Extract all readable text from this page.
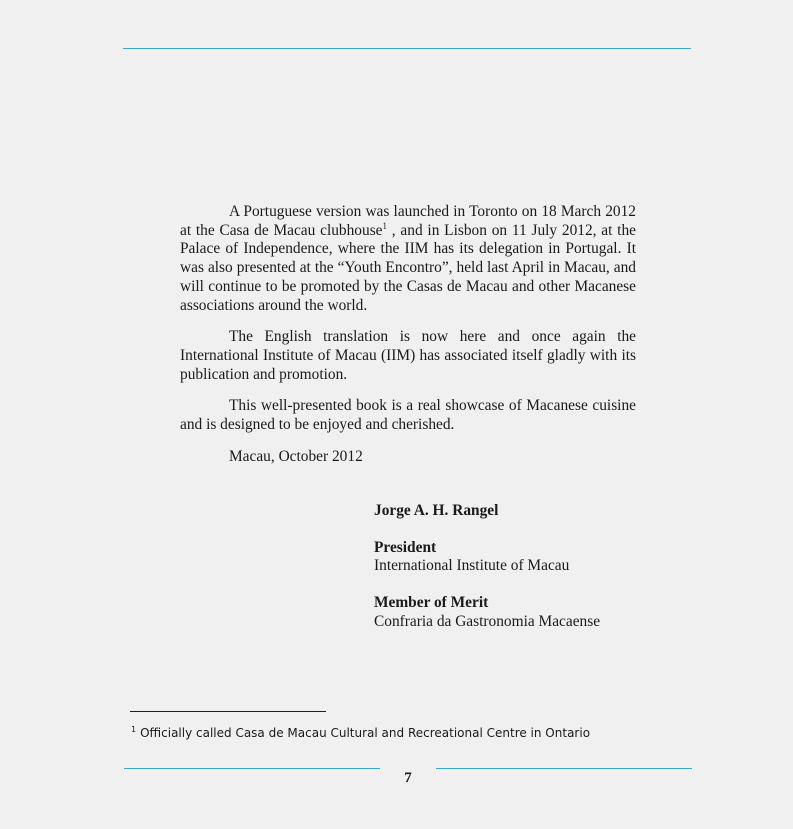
A Portuguese version was launched in Toronto on 18 March 2012 at the Casa de Macau clubhouse$^1$ , and in Lisbon on 11 July 2012, at the Palace of Independence, where the IIM has its delegation in Portugal. It was also presented at the “Youth Encontro”, held last April in Macau, and will continue to be promoted by the Casas de Macau and other Macanese associations around the world.

The English translation is now here and once again the International Institute of Macau (IIM) has associated itself gladly with its publication and promotion.

This well-presented book is a real showcase of Macanese cuisine and is designed to be enjoyed and cherished.

Macau, October 2012

Jorge A. H. Rangel
President
International Institute of Macau
Member of Merit
Confraria da Gastronomia Macaense
$^1$ Officially called Casa de Macau Cultural and Recreational Centre in Ontario
7
